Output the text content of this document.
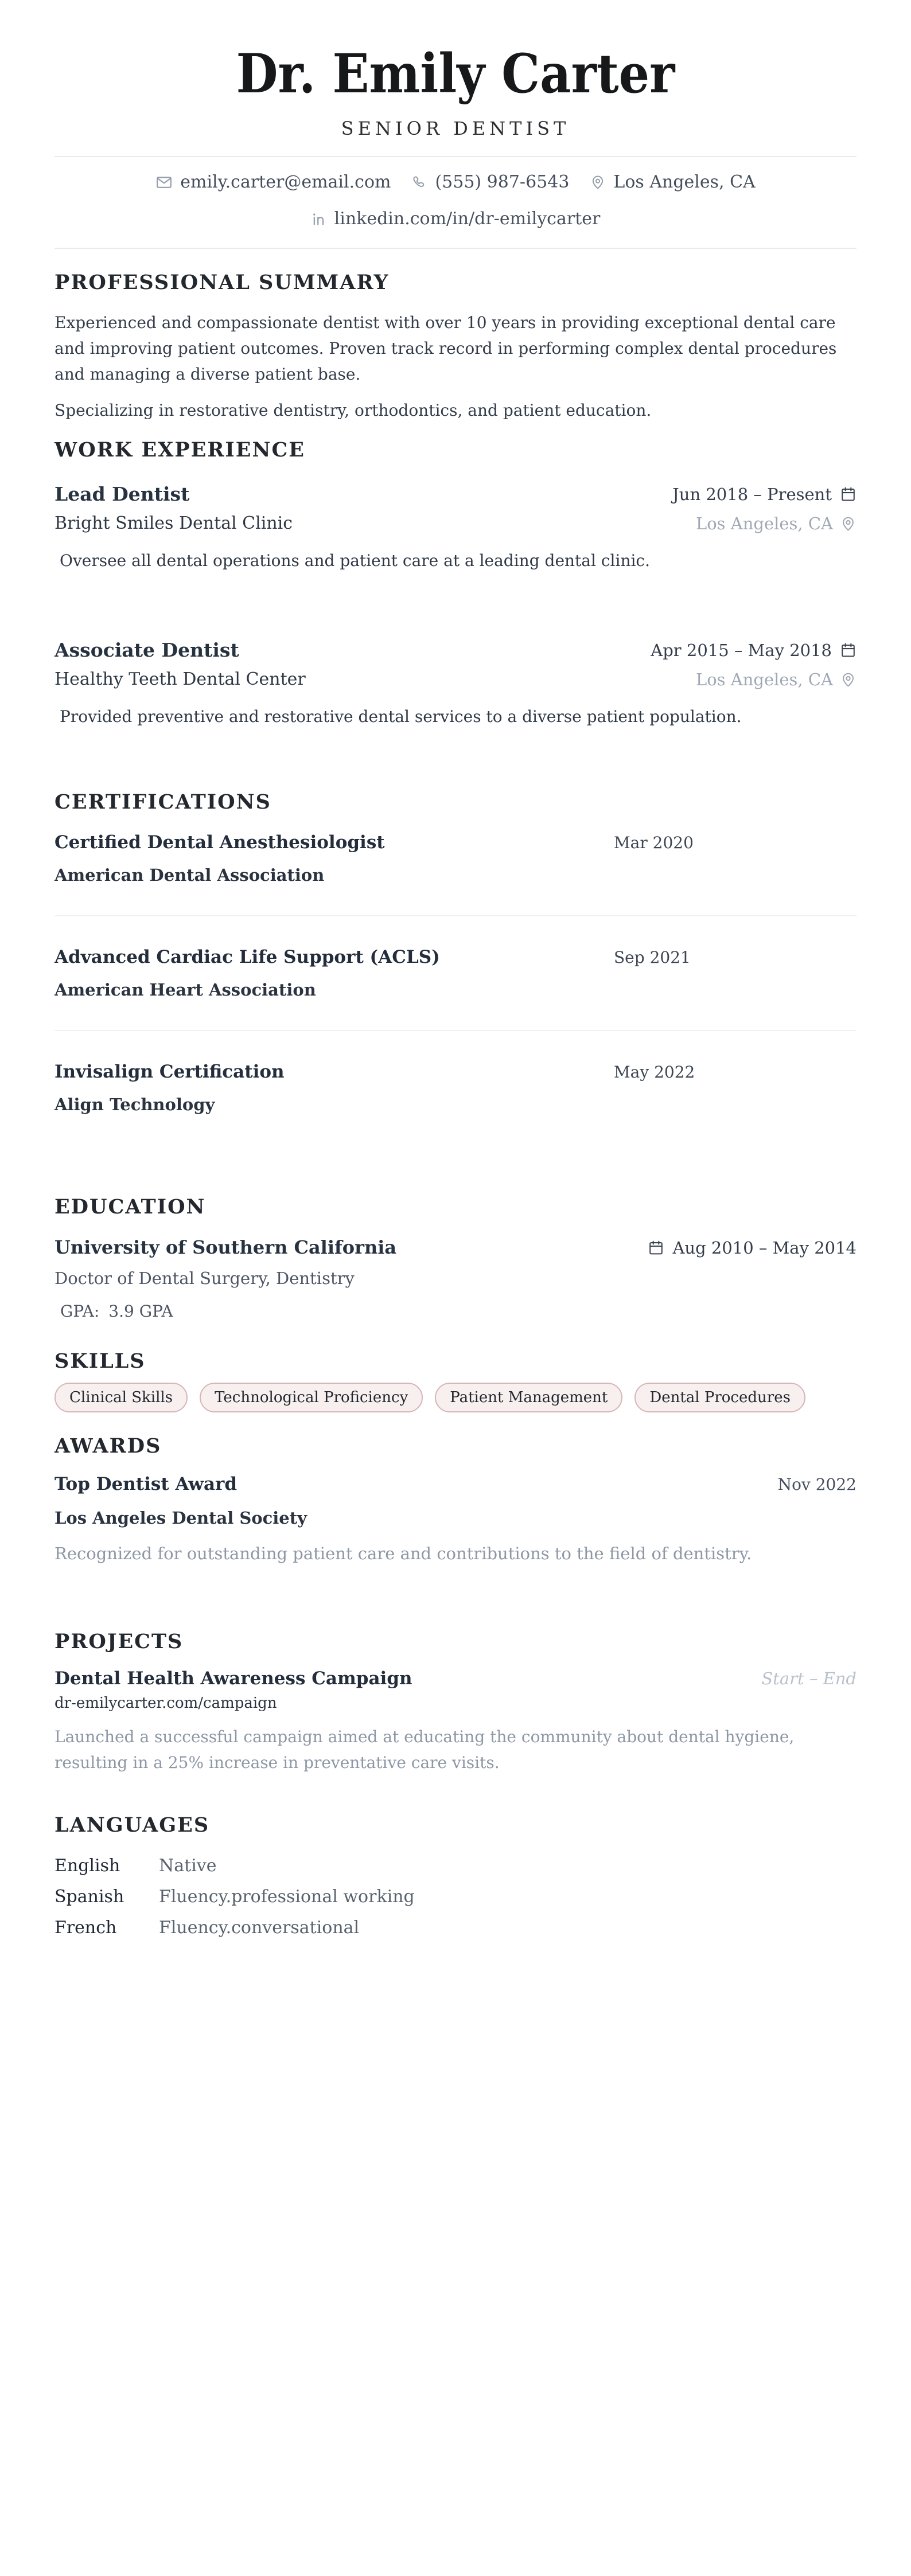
Dr. Emily Carter
SENIOR DENTIST
emily.carter@email.com	(555) 987-6543	Los Angeles, CA
linkedin.com/in/dr-emilycarter
PROFESSIONAL SUMMARY

Experienced and compassionate dentist with over 10 years in providing exceptional dental care and improving patient outcomes. Proven track record in performing complex dental procedures and managing a diverse patient base.

Specializing in restorative dentistry, orthodontics, and patient education.

WORK EXPERIENCE
Lead Dentist	Jun 2018 – Present
Bright Smiles Dental Clinic	Los Angeles, CA
Oversee all dental operations and patient care at a leading dental clinic.
Associate Dentist	Apr 2015 – May 2018
Healthy Teeth Dental Center	Los Angeles, CA
Provided preventive and restorative dental services to a diverse patient population.
CERTIFICATIONS
Certified Dental Anesthesiologist	Mar 2020
American Dental Association
Advanced Cardiac Life Support (ACLS)	Sep 2021
American Heart Association
Invisalign Certification	May 2022
Align Technology
EDUCATION
University of Southern California	Aug 2010 – May 2014
Doctor of Dental Surgery, Dentistry
GPA: 3.9 GPA
SKILLS
Clinical Skills	Technological Proficiency	Patient Management	Dental Procedures
AWARDS
Top Dentist Award	Nov 2022
Los Angeles Dental Society
Recognized for outstanding patient care and contributions to the field of dentistry.
PROJECTS
Dental Health Awareness Campaign	Start – End
dr-emilycarter.com/campaign
Launched a successful campaign aimed at educating the community about dental hygiene, resulting in a 25% increase in preventative care visits.
LANGUAGES
English	Native
Spanish	Fluency.professional working
French	Fluency.conversational
